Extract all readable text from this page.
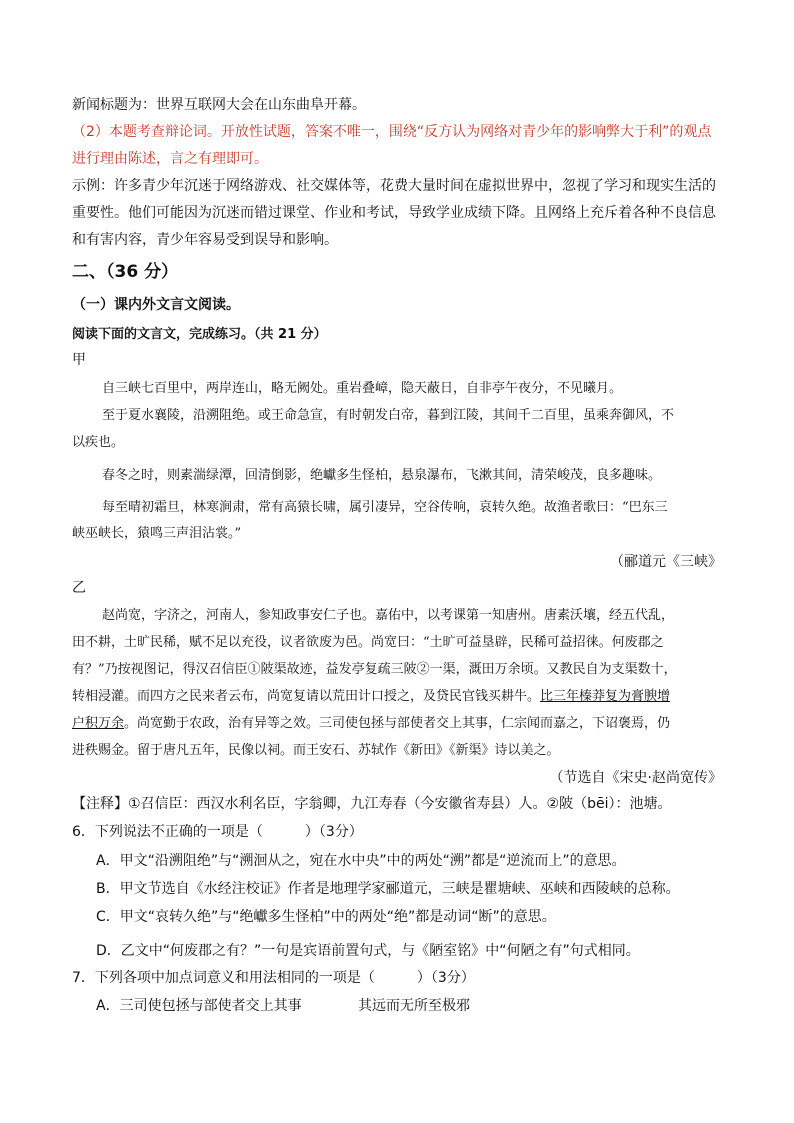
新闻标题为：世界互联网大会在山东曲阜开幕。
（2）本题考查辩论词。开放性试题，答案不唯一，围绕“反方认为网络对青少年的影响弊大于利”的观点
进行理由陈述，言之有理即可。
示例：许多青少年沉迷于网络游戏、社交媒体等，花费大量时间在虚拟世界中，忽视了学习和现实生活的
重要性。他们可能因为沉迷而错过课堂、作业和考试，导致学业成绩下降。且网络上充斥着各种不良信息
和有害内容，青少年容易受到误导和影响。
二、（36 分）
（一）课内外文言文阅读。
阅读下面的文言文，完成练习。（共 21 分）
甲
自三峡七百里中，两岸连山，略无阙处。重岩叠嶂，隐天蔽日，自非亭午夜分，不见曦月。
至于夏水襄陵，沿溯阻绝。或王命急宣，有时朝发白帝，暮到江陵，其间千二百里，虽乘奔御风，不
以疾也。
春冬之时，则素湍绿潭，回清倒影，绝巘多生怪柏，悬泉瀑布，飞漱其间，清荣峻茂，良多趣味。
每至晴初霜旦，林寒涧肃，常有高猿长啸，属引凄异，空谷传响，哀转久绝。故渔者歌曰：“巴东三
峡巫峡长，猿鸣三声泪沾裳。”
（郦道元《三峡》
乙
赵尚宽，字济之，河南人，参知政事安仁子也。嘉佑中，以考课第一知唐州。唐素沃壤，经五代乱，
田不耕，土旷民稀，赋不足以充役，议者欲废为邑。尚宽曰：“土旷可益垦辟，民稀可益招徕。何废郡之
有？”乃按视图记，得汉召信臣①陂渠故迹，益发亭复疏三陂②一渠，溉田万余顷。又教民自为支渠数十，
转相浸灌。而四方之民来者云布，尚宽复请以荒田计口授之，及贷民官钱买耕牛。比三年榛莽复为膏腴增
户积万余。尚宽勤于农政，治有异等之效。三司使包拯与部使者交上其事，仁宗闻而嘉之，下诏褒焉，仍
进秩赐金。留于唐凡五年，民像以祠。而王安石、苏轼作《新田》《新渠》诗以美之。
（节选自《宋史·赵尚宽传》
【注释】①召信臣：西汉水利名臣，字翁卿，九江寿春（今安徽省寿县）人。②陂（bēi）：池塘。
6．下列说法不正确的一项是（　　　）（3分）
A．甲文“沿溯阻绝”与“溯洄从之，宛在水中央”中的两处“溯”都是“逆流而上”的意思。
B．甲文节选自《水经注校证》作者是地理学家郦道元，三峡是瞿塘峡、巫峡和西陵峡的总称。
C．甲文“哀转久绝”与“绝巘多生怪柏”中的两处“绝”都是动词“断”的意思。
D．乙文中“何废郡之有？”一句是宾语前置句式，与《陋室铭》中“何陋之有”句式相同。
7．下列各项中加点词意义和用法相同的一项是（　　　）（3分）
A．三司使包拯与部使者交上其事	其远而无所至极邪
